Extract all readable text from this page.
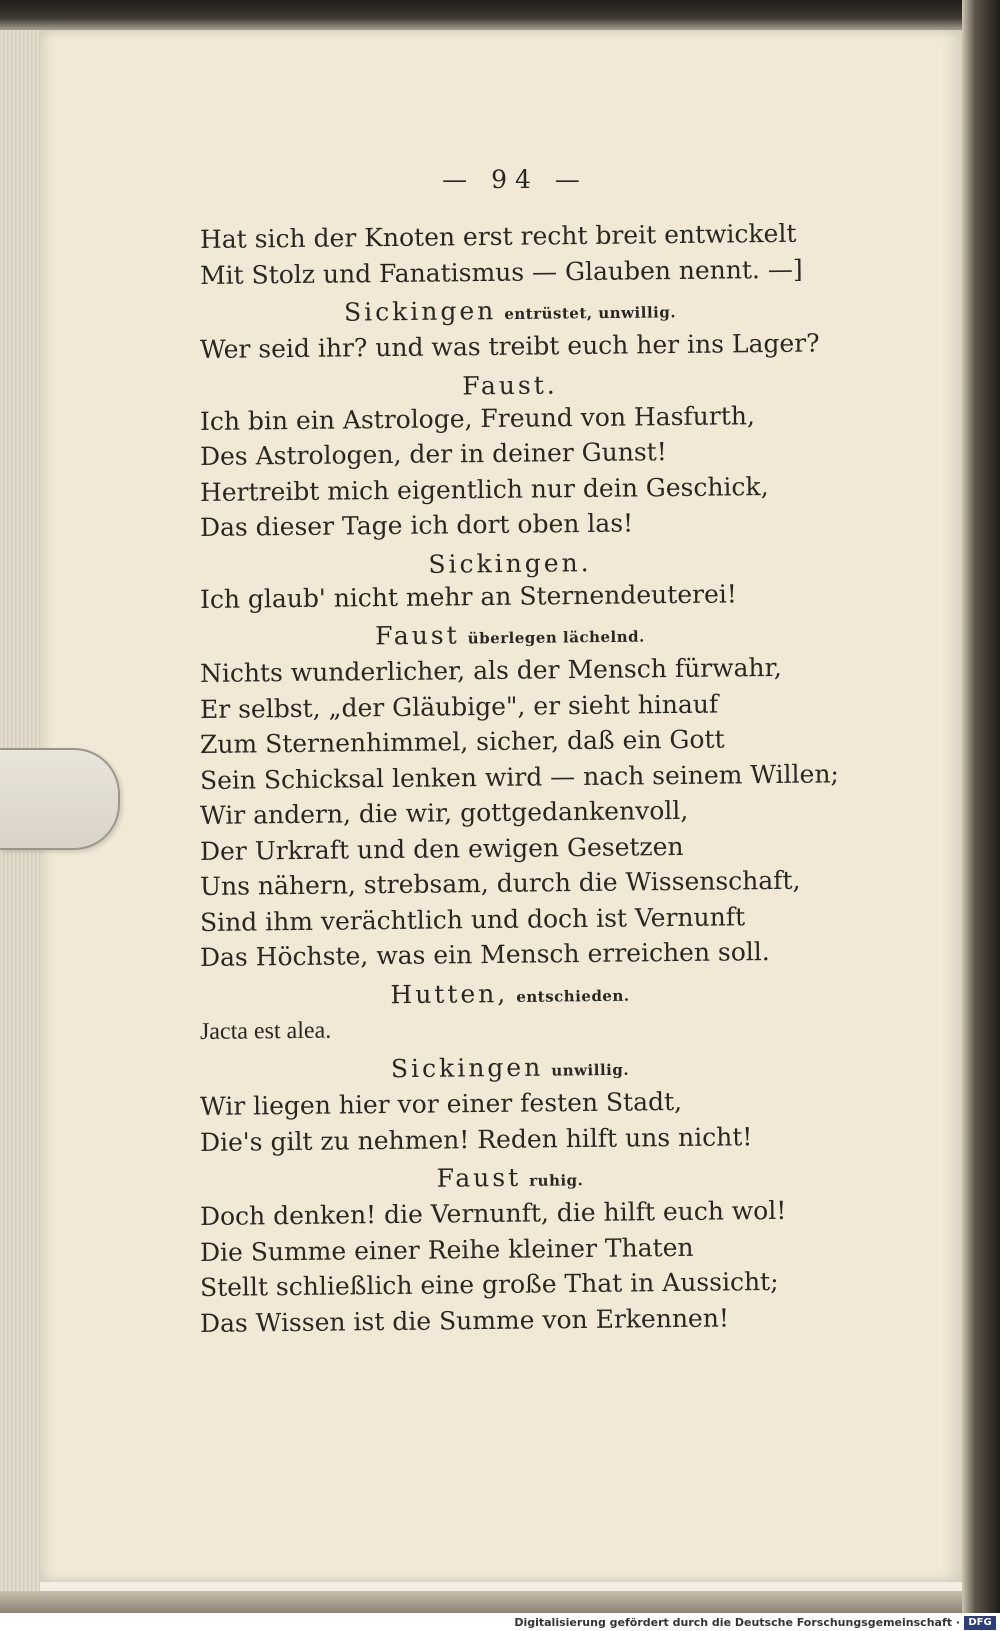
— 94 —
Hat sich der Knoten erst recht breit entwickelt
Mit Stolz und Fanatismus — Glauben nennt. —]
Sickingen entrüstet, unwillig.
Wer seid ihr? und was treibt euch her ins Lager?
Faust.
Ich bin ein Astrologe, Freund von Hasfurth,
Des Astrologen, der in deiner Gunst!
Hertreibt mich eigentlich nur dein Geschick,
Das dieser Tage ich dort oben las!
Sickingen.
Ich glaub' nicht mehr an Sternendeuterei!
Faust überlegen lächelnd.
Nichts wunderlicher, als der Mensch fürwahr,
Er selbst, „der Gläubige", er sieht hinauf
Zum Sternenhimmel, sicher, daß ein Gott
Sein Schicksal lenken wird — nach seinem Willen;
Wir andern, die wir, gottgedankenvoll,
Der Urkraft und den ewigen Gesetzen
Uns nähern, strebsam, durch die Wissenschaft,
Sind ihm verächtlich und doch ist Vernunft
Das Höchste, was ein Mensch erreichen soll.
Hutten, entschieden.
Jacta est alea.
Sickingen unwillig.
Wir liegen hier vor einer festen Stadt,
Die's gilt zu nehmen! Reden hilft uns nicht!
Faust ruhig.
Doch denken! die Vernunft, die hilft euch wol!
Die Summe einer Reihe kleiner Thaten
Stellt schließlich eine große That in Aussicht;
Das Wissen ist die Summe von Erkennen!
Digitalisierung gefördert durch die Deutsche Forschungsgemeinschaft · DFG
